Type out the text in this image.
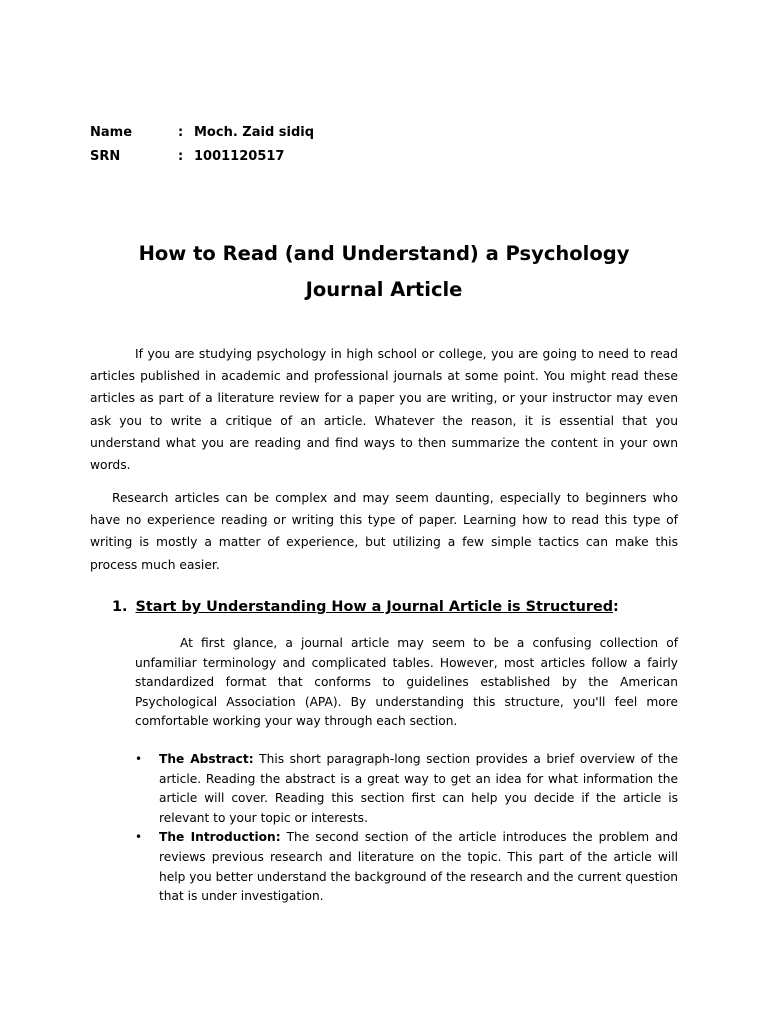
Name	: Moch. Zaid sidiq
SRN	: 1001120517
How to Read (and Understand) a Psychology
Journal Article

If you are studying psychology in high school or college, you are going to need to read articles published in academic and professional journals at some point. You might read these articles as part of a literature review for a paper you are writing, or your instructor may even ask you to write a critique of an article. Whatever the reason, it is essential that you understand what you are reading and find ways to then summarize the content in your own words.

Research articles can be complex and may seem daunting, especially to beginners who have no experience reading or writing this type of paper. Learning how to read this type of writing is mostly a matter of experience, but utilizing a few simple tactics can make this process much easier.

1. Start by Understanding How a Journal Article is Structured:

At first glance, a journal article may seem to be a confusing collection of unfamiliar terminology and complicated tables. However, most articles follow a fairly standardized format that conforms to guidelines established by the American Psychological Association (APA). By understanding this structure, you'll feel more comfortable working your way through each section.

• The Abstract: This short paragraph-long section provides a brief overview of the article. Reading the abstract is a great way to get an idea for what information the article will cover. Reading this section first can help you decide if the article is relevant to your topic or interests.
• The Introduction: The second section of the article introduces the problem and reviews previous research and literature on the topic. This part of the article will help you better understand the background of the research and the current question that is under investigation.
